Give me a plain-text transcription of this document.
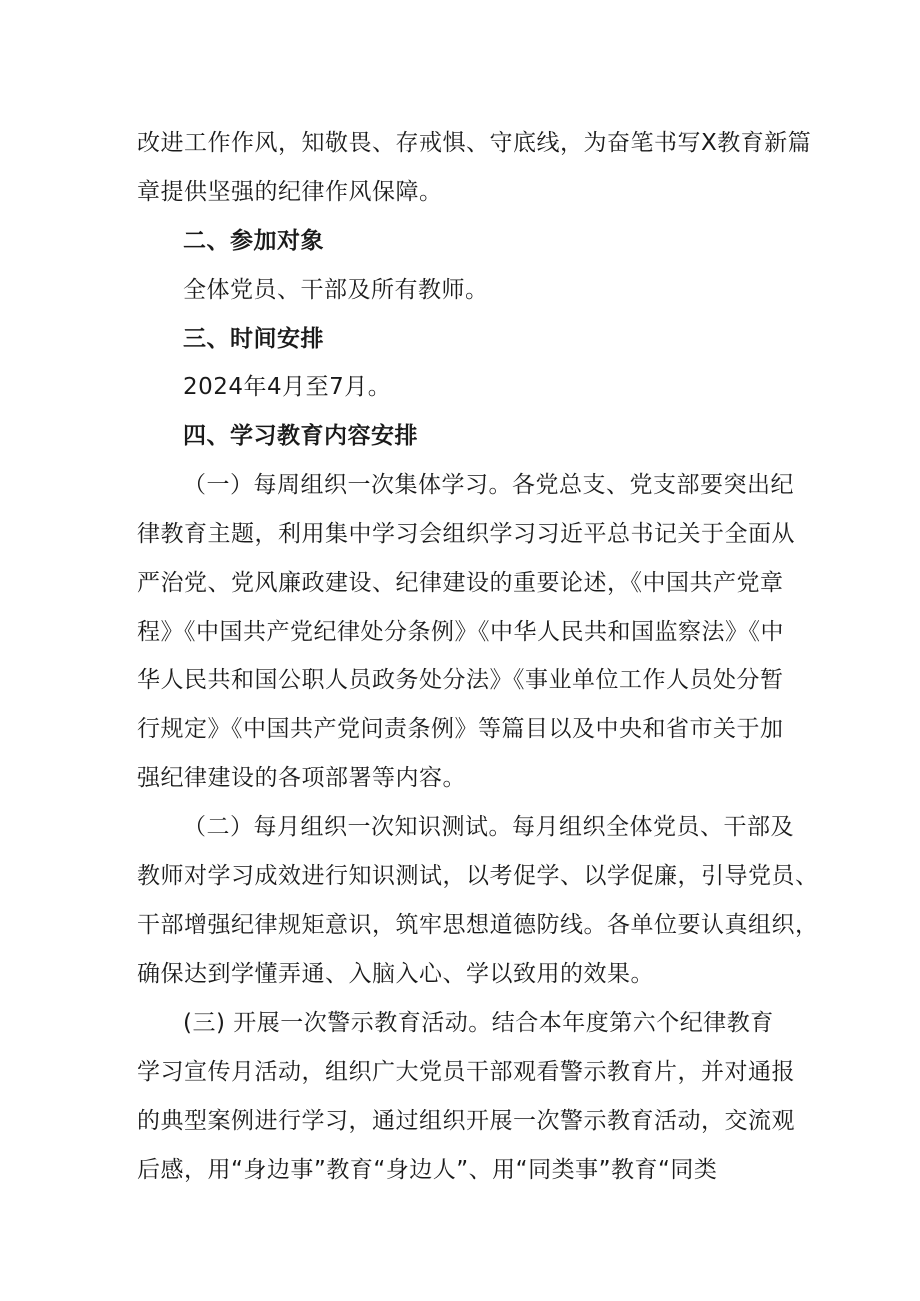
改进工作作风，知敬畏、存戒惧、守底线，为奋笔书写X教育新篇
章提供坚强的纪律作风保障。
二、参加对象
全体党员、干部及所有教师。
三、时间安排
2024年4月至7月。
四、学习教育内容安排
（一）每周组织一次集体学习。各党总支、党支部要突出纪
律教育主题，利用集中学习会组织学习习近平总书记关于全面从
严治党、党风廉政建设、纪律建设的重要论述，《中国共产党章
程》《中国共产党纪律处分条例》《中华人民共和国监察法》《中
华人民共和国公职人员政务处分法》《事业单位工作人员处分暂
行规定》《中国共产党问责条例》等篇目以及中央和省市关于加
强纪律建设的各项部署等内容。
（二）每月组织一次知识测试。每月组织全体党员、干部及
教师对学习成效进行知识测试，以考促学、以学促廉，引导党员、
干部增强纪律规矩意识，筑牢思想道德防线。各单位要认真组织，
确保达到学懂弄通、入脑入心、学以致用的效果。
(三) 开展一次警示教育活动。结合本年度第六个纪律教育
学习宣传月活动，组织广大党员干部观看警示教育片，并对通报
的典型案例进行学习，通过组织开展一次警示教育活动，交流观
后感，用“身边事”教育“身边人”、用“同类事”教育“同类
